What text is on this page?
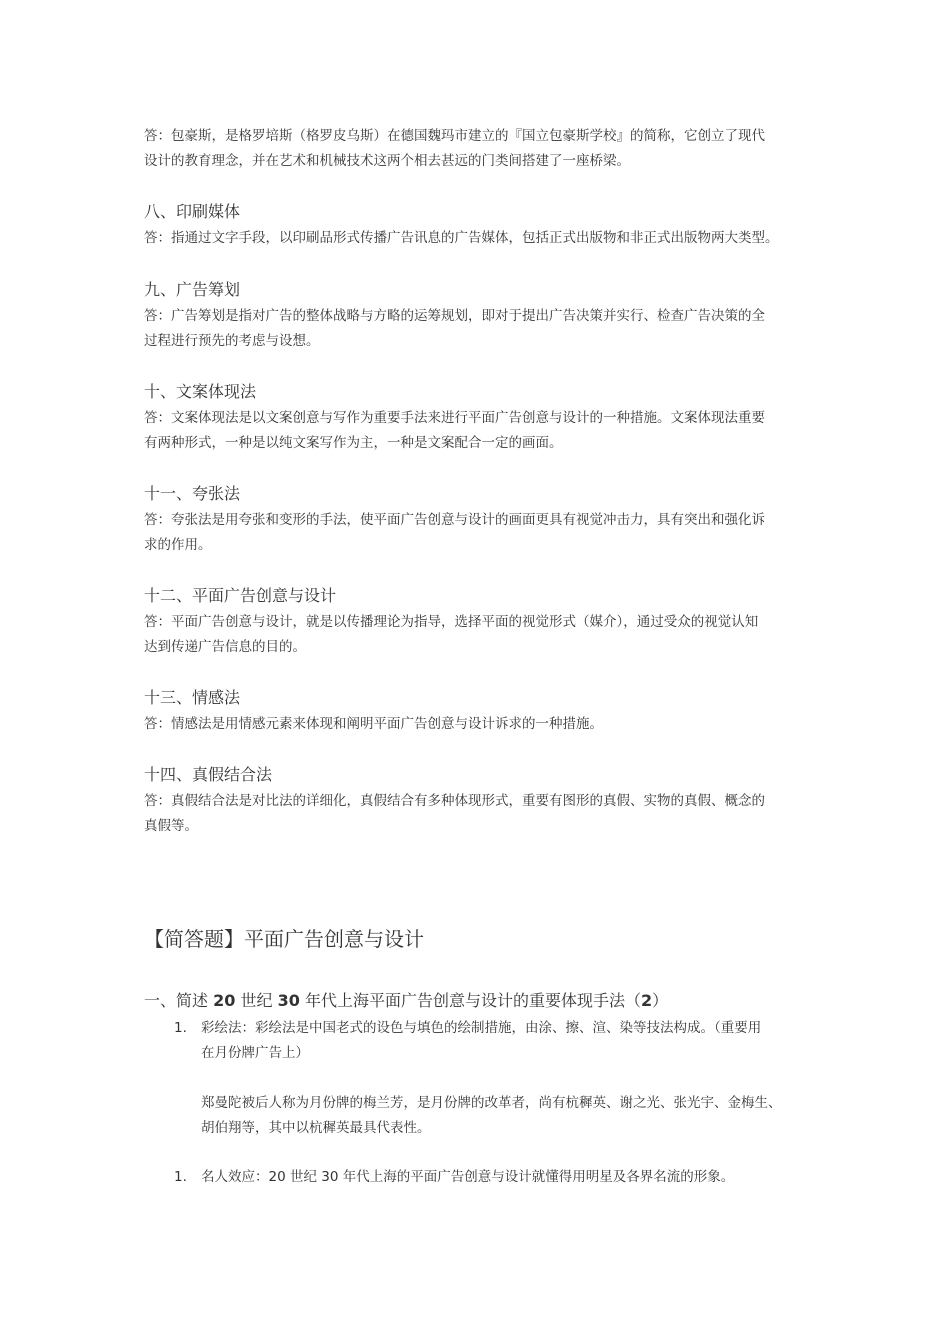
答：包豪斯，是格罗培斯（格罗皮乌斯）在德国魏玛市建立的『国立包豪斯学校』的简称，它创立了现代
设计的教育理念，并在艺术和机械技术这两个相去甚远的门类间搭建了一座桥梁。
八、印刷媒体
答：指通过文字手段，以印刷品形式传播广告讯息的广告媒体，包括正式出版物和非正式出版物两大类型。
九、广告筹划
答：广告筹划是指对广告的整体战略与方略的运筹规划，即对于提出广告决策并实行、检查广告决策的全
过程进行预先的考虑与设想。
十、文案体现法
答：文案体现法是以文案创意与写作为重要手法来进行平面广告创意与设计的一种措施。文案体现法重要
有两种形式，一种是以纯文案写作为主，一种是文案配合一定的画面。
十一、夸张法
答：夸张法是用夸张和变形的手法，使平面广告创意与设计的画面更具有视觉冲击力，具有突出和强化诉
求的作用。
十二、平面广告创意与设计
答：平面广告创意与设计，就是以传播理论为指导，选择平面的视觉形式（媒介），通过受众的视觉认知
达到传递广告信息的目的。
十三、情感法
答：情感法是用情感元素来体现和阐明平面广告创意与设计诉求的一种措施。
十四、真假结合法
答：真假结合法是对比法的详细化，真假结合有多种体现形式，重要有图形的真假、实物的真假、概念的
真假等。
【简答题】平面广告创意与设计
一、简述 20 世纪 30 年代上海平面广告创意与设计的重要体现手法（2）
1. 彩绘法：彩绘法是中国老式的设色与填色的绘制措施，由涂、擦、渲、染等技法构成。（重要用
在月份牌广告上）
郑曼陀被后人称为月份牌的梅兰芳，是月份牌的改革者，尚有杭穉英、谢之光、张光宇、金梅生、
胡伯翔等，其中以杭穉英最具代表性。
1. 名人效应：20 世纪 30 年代上海的平面广告创意与设计就懂得用明星及各界名流的形象。
